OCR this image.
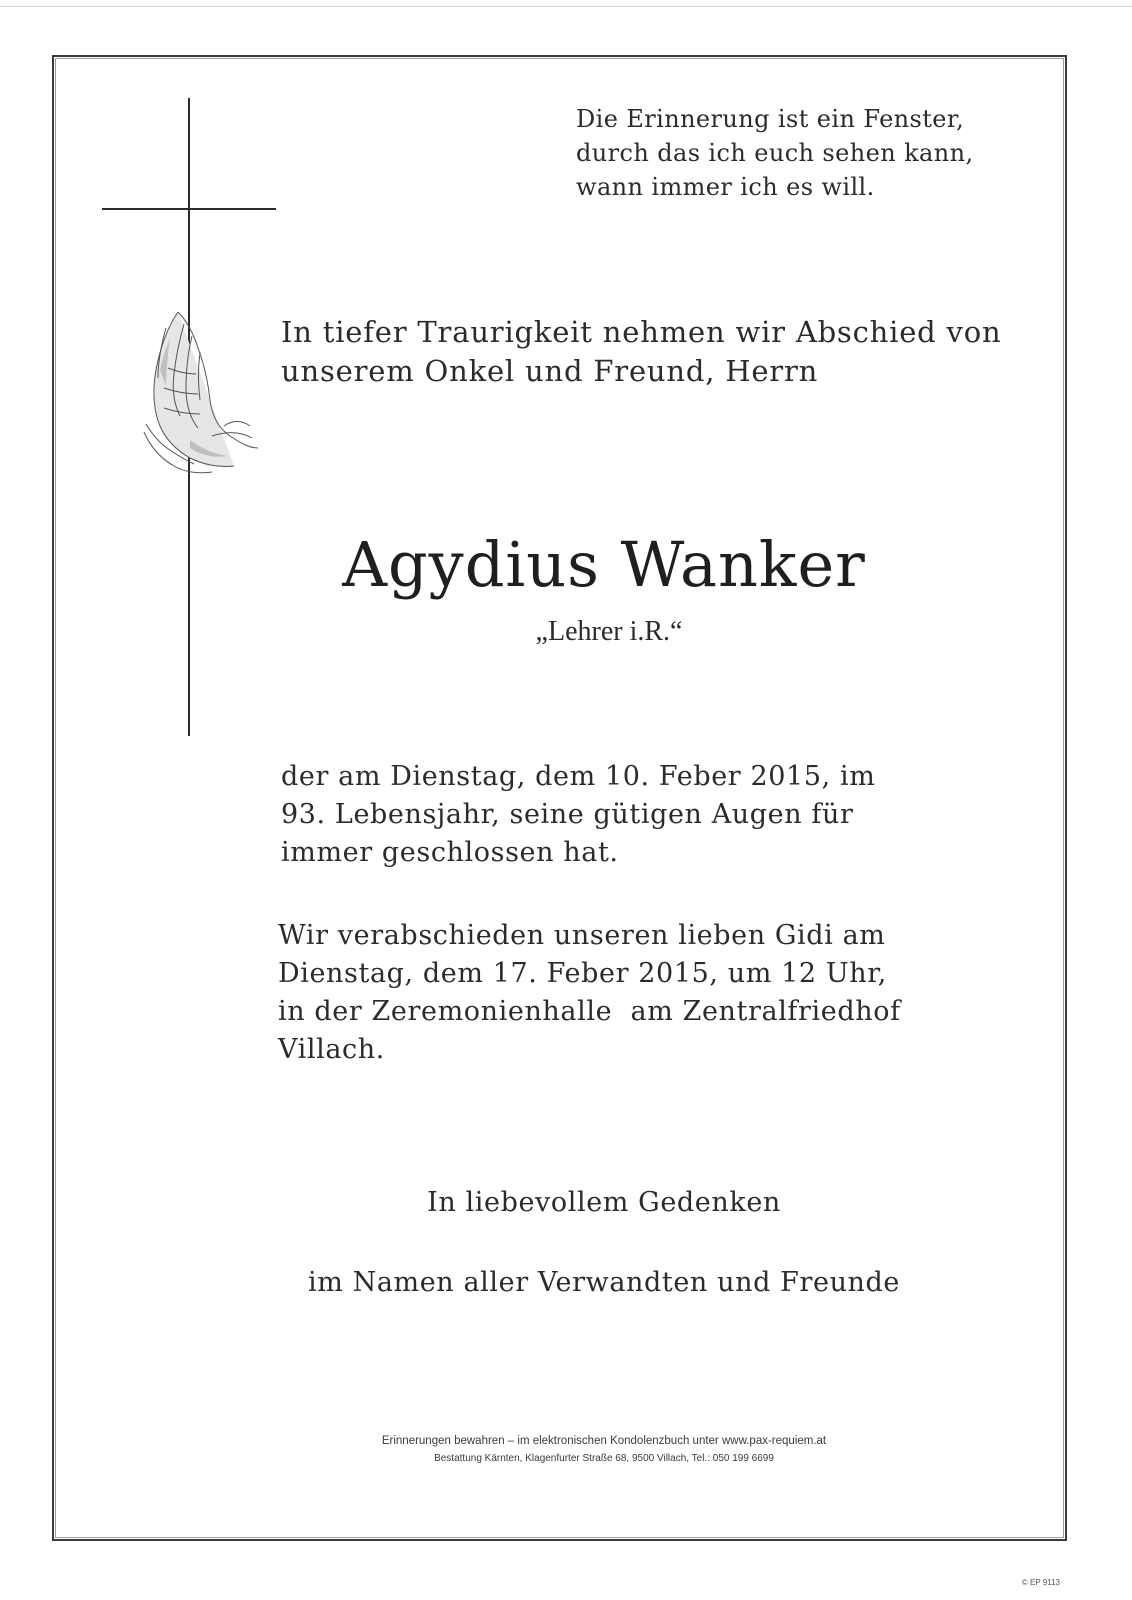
Die Erinnerung ist ein Fenster,
durch das ich euch sehen kann,
wann immer ich es will.
In tiefer Traurigkeit nehmen wir Abschied von
unserem Onkel und Freund, Herrn
Agydius Wanker
„Lehrer i.R.“
der am Dienstag, dem 10. Feber 2015, im
93. Lebensjahr, seine gütigen Augen für
immer geschlossen hat.
Wir verabschieden unseren lieben Gidi am
Dienstag, dem 17. Feber 2015, um 12 Uhr,
in der Zeremonienhalle  am Zentralfriedhof
Villach.
In liebevollem Gedenken
im Namen aller Verwandten und Freunde
Erinnerungen bewahren – im elektronischen Kondolenzbuch unter www.pax-requiem.at
Bestattung Kärnten, Klagenfurter Straße 68, 9500 Villach, Tel.: 050 199 6699
© EP 9113
